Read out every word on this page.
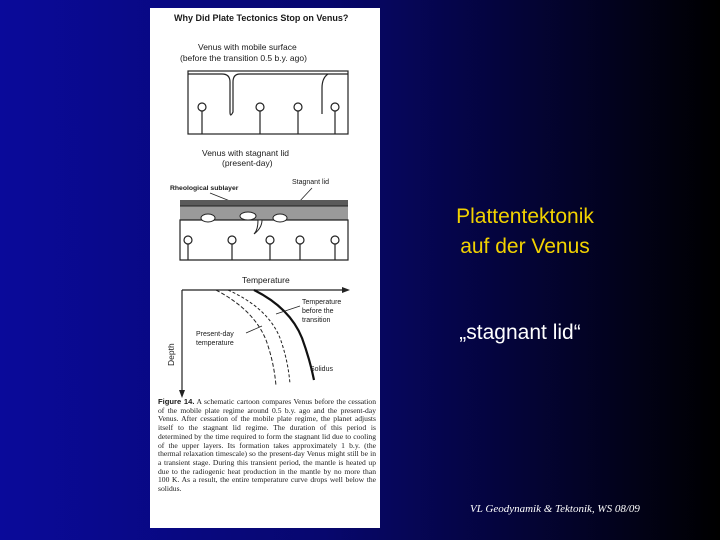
Why Did Plate Tectonics Stop on Venus?
Venus with mobile surface
(before the transition 0.5 b.y. ago)
Venus with stagnant lid
(present-day)
Rheological sublayer
Stagnant lid
Temperature
Depth
Temperature
before the
transition
Present-day
temperature
Solidus
Figure 14. A schematic cartoon compares Venus before the cessation of the mobile plate regime around 0.5 b.y. ago and the present-day Venus. After cessation of the mobile plate regime, the planet adjusts itself to the stagnant lid regime. The duration of this period is determined by the time required to form the stagnant lid due to cooling of the upper layers. Its formation takes approximately 1 b.y. (the thermal relaxation timescale) so the present-day Venus might still be in a transient stage. During this transient period, the mantle is heated up due to the radiogenic heat production in the mantle by no more than 100 K. As a result, the entire temperature curve drops well below the solidus.
Plattentektonik
auf der Venus
„stagnant lid“
VL Geodynamik & Tektonik, WS 08/09
